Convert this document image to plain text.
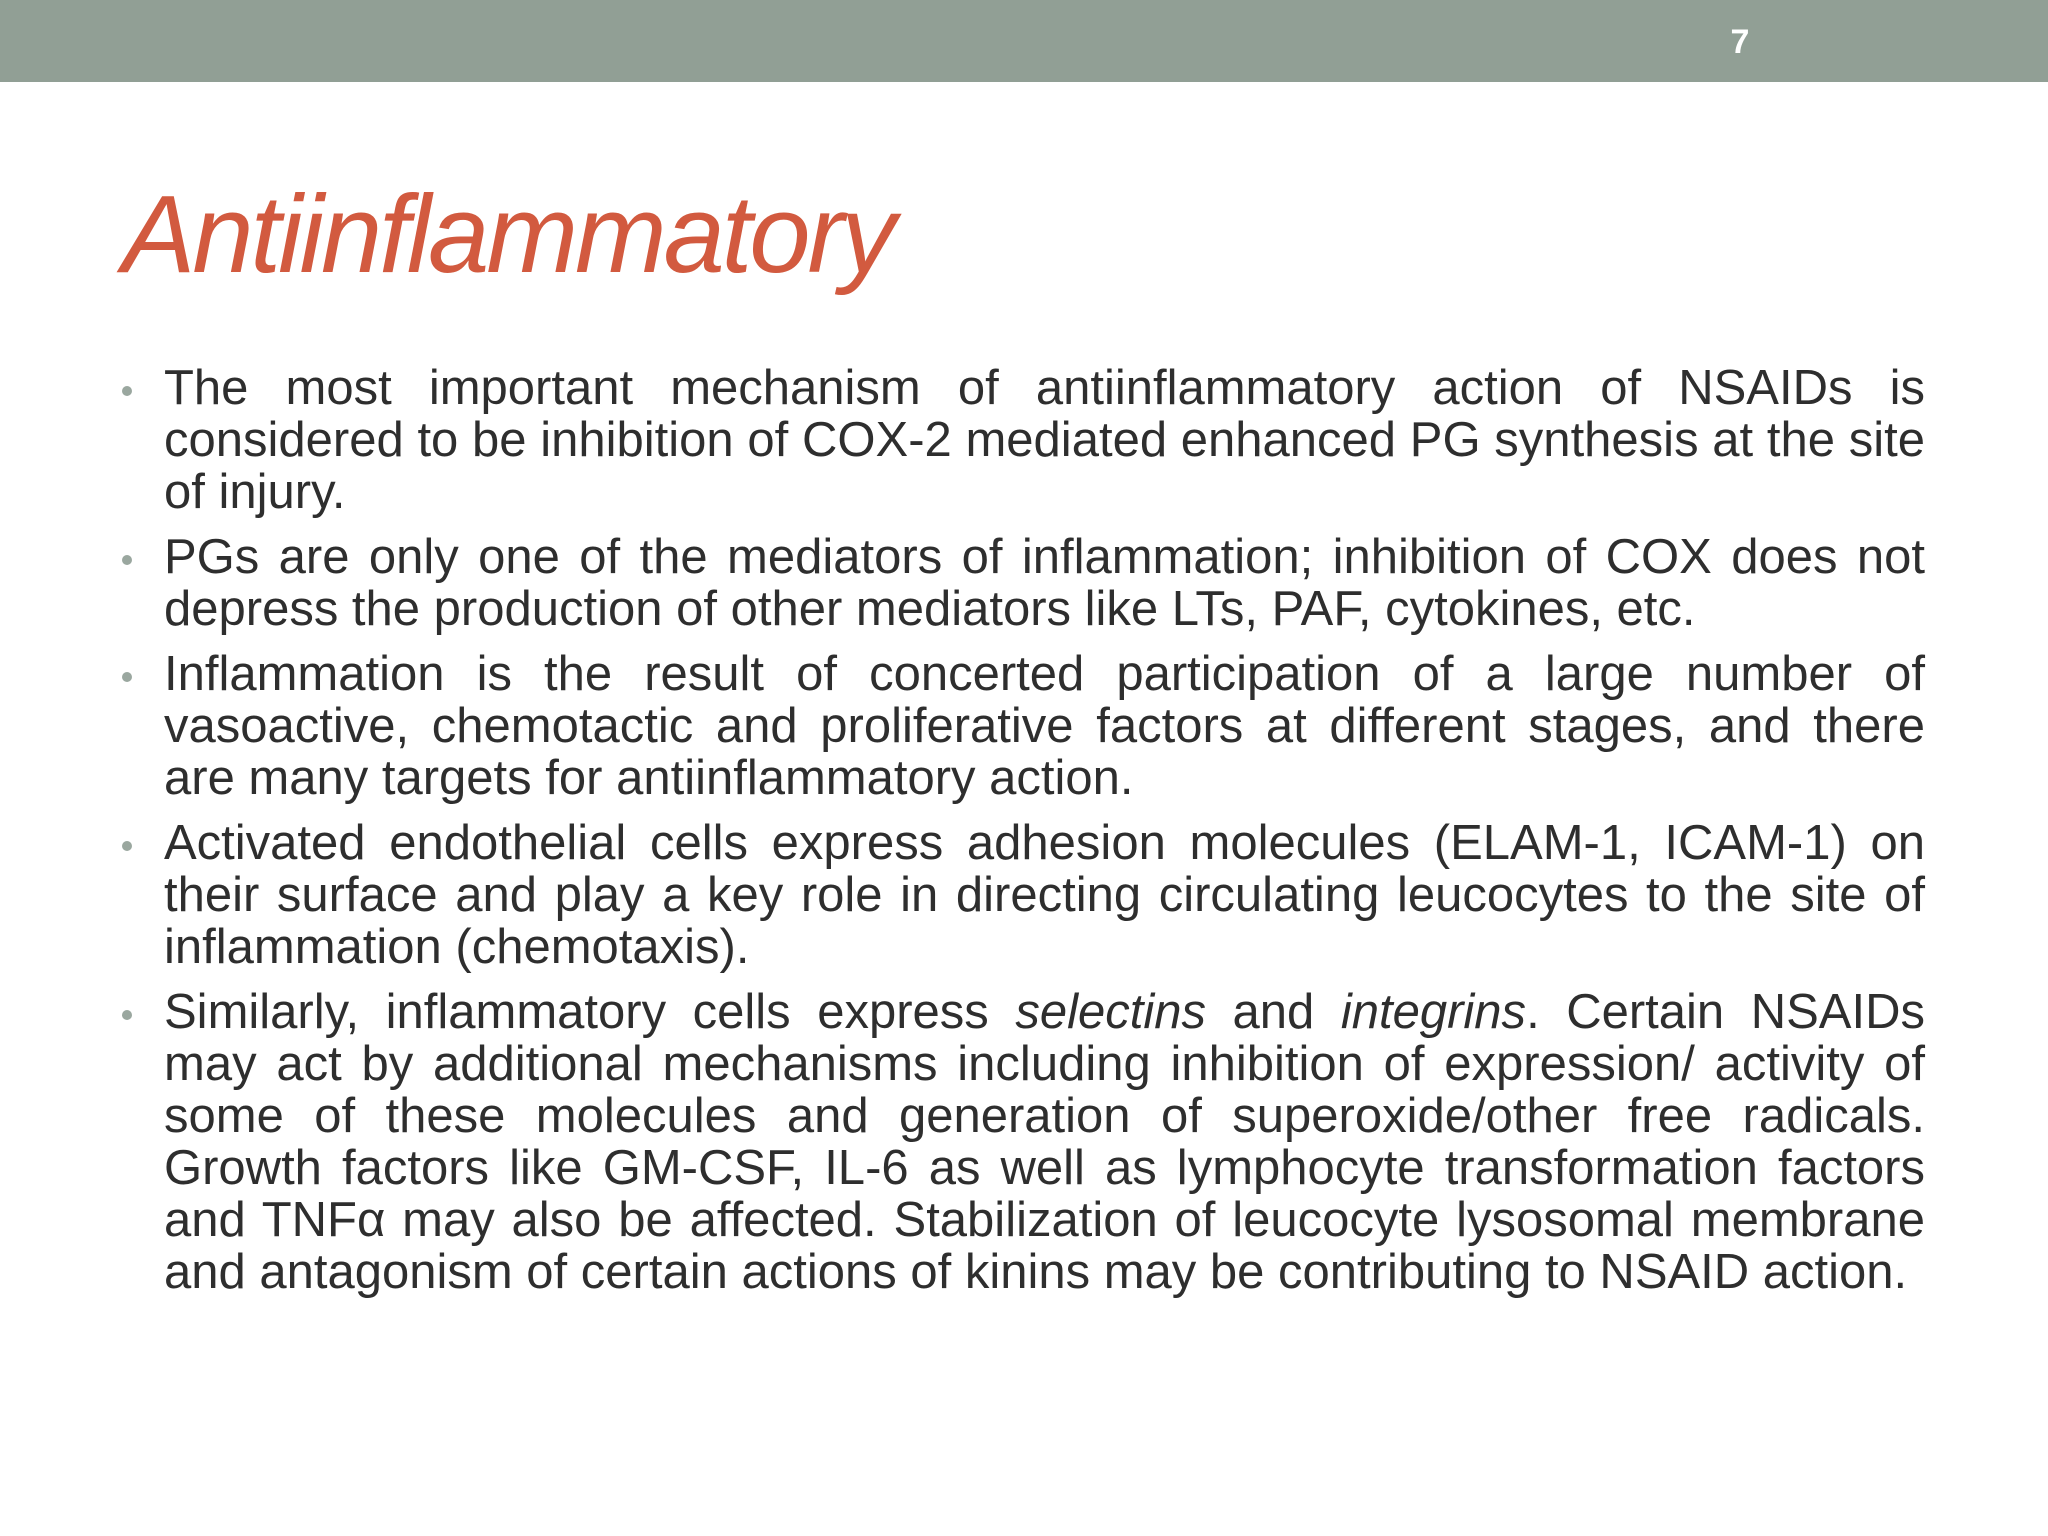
7
Antiinflammatory
The most important mechanism of antiinflammatory action of NSAIDs is considered to be inhibition of COX-2 mediated enhanced PG synthesis at the site of injury.
PGs are only one of the mediators of inflammation; inhibition of COX does not depress the production of other mediators like LTs, PAF, cytokines, etc.
Inflammation is the result of concerted participation of a large number of vasoactive, chemotactic and proliferative factors at different stages, and there are many targets for antiinflammatory action.
Activated endothelial cells express adhesion molecules (ELAM-1, ICAM-1) on their surface and play a key role in directing circulating leucocytes to the site of inflammation (chemotaxis).
Similarly, inflammatory cells express selectins and integrins. Certain NSAIDs may act by additional mechanisms including inhibition of expression/ activity of some of these molecules and generation of superoxide/other free radicals. Growth factors like GM-CSF, IL-6 as well as lymphocyte transformation factors and TNFα may also be affected. Stabilization of leucocyte lysosomal membrane and antagonism of certain actions of kinins may be contributing to NSAID action.
